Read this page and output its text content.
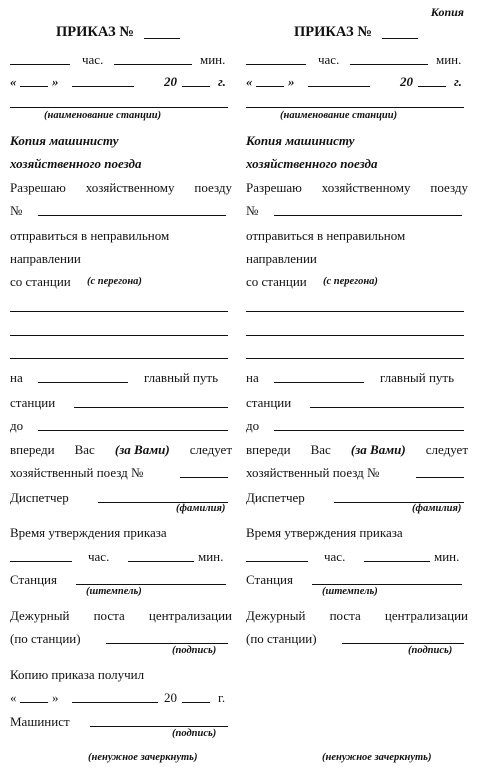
Копия
ПРИКАЗ №
час.	мин.
«	»	20	г.
(наименование станции)
Копия машинисту
хозяйственного поезда
Разрешаю хозяйственному поезду
№
отправиться в неправильном
направлении
со станции (с перегона)
на	главный путь
станции
до
впереди Вас (за Вами) следует
хозяйственный поезд №
Диспетчер
(фамилия)
Время утверждения приказа
час.	мин.
Станция
(штемпель)
Дежурный поста централизации
(по станции)
(подпись)
Копию приказа получил
«	»	20	г.
Машинист
(подпись)
(ненужное зачеркнуть)
ПРИКАЗ №
час.	мин.
«	»	20	г.
(наименование станции)
Копия машинисту
хозяйственного поезда
Разрешаю хозяйственному поезду
№
отправиться в неправильном
направлении
со станции (с перегона)
на	главный путь
станции
до
впереди Вас (за Вами) следует
хозяйственный поезд №
Диспетчер
(фамилия)
Время утверждения приказа
час.	мин.
Станция
(штемпель)
Дежурный поста централизации
(по станции)
(подпись)
(ненужное зачеркнуть)
